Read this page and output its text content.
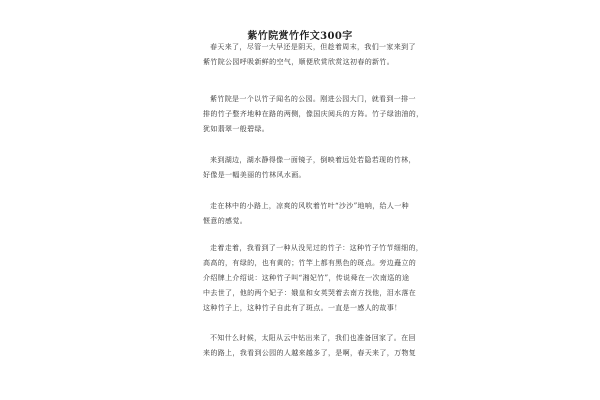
紫竹院赏竹作文300字
春天来了，尽管一大早还是阴天，但趁着周末，我们一家来到了
紫竹院公园呼吸新鲜的空气，顺便欣赏欣赏这初春的新竹。
紫竹院是一个以竹子闻名的公园。刚进公园大门，就看到一排一
排的竹子整齐地种在路的两侧，像国庆阅兵的方阵。竹子绿油油的，
犹如翡翠一般碧绿。
来到湖边，湖水静得像一面镜子，倒映着远处若隐若现的竹林，
好像是一幅美丽的竹林风水画。
走在林中的小路上，凉爽的风吹着竹叶“沙沙”地响，给人一种
惬意的感觉。
走着走着，我看到了一种从没见过的竹子：这种竹子竹节细细的，
高高的，有绿的，也有黄的；竹竿上都有黑色的斑点。旁边矗立的
介绍牌上介绍说：这种竹子叫“湘妃竹”，传说舜在一次南巡的途
中去世了，他的两个妃子：娥皇和女英哭着去南方找他，泪水落在
这种竹子上，这种竹子自此有了斑点。一直是一感人的故事！
不知什么时候，太阳从云中钻出来了，我们也准备回家了。在回
来的路上，我看到公园的人越来越多了，是啊，春天来了，万物复
